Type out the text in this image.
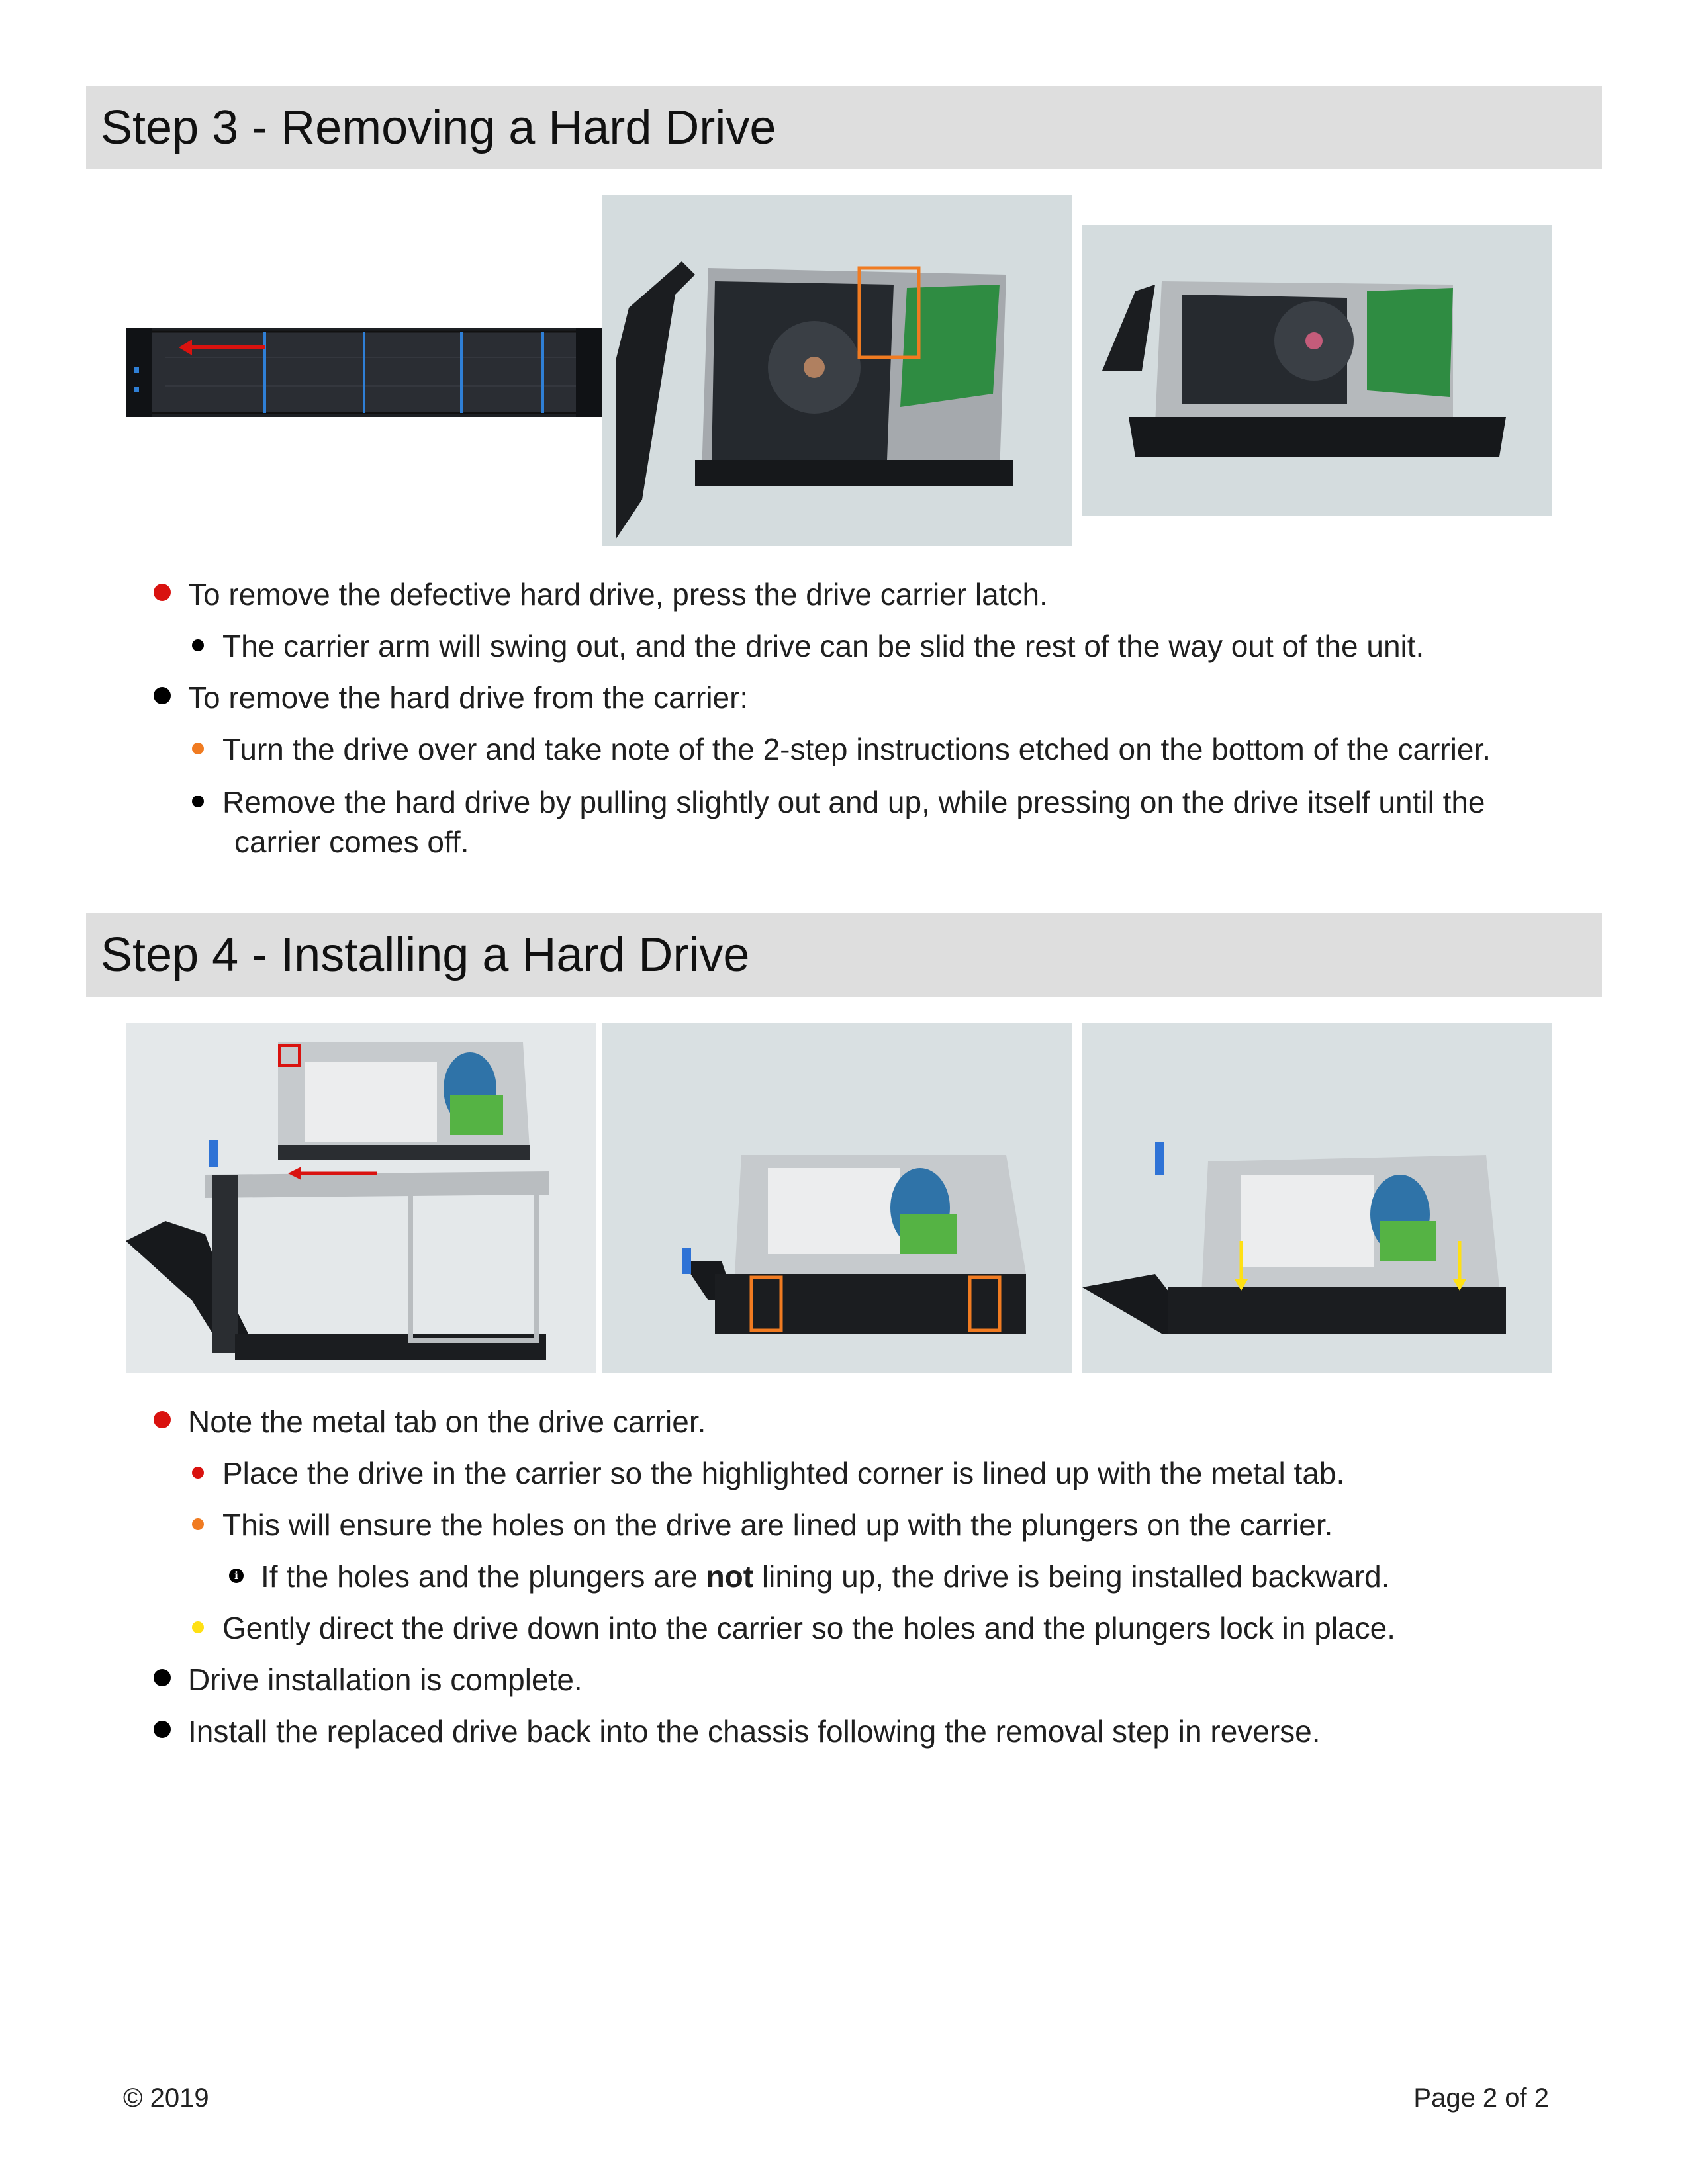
Step 3 - Removing a Hard Drive
To remove the defective hard drive, press the drive carrier latch.
The carrier arm will swing out, and the drive can be slid the rest of the way out of the unit.
To remove the hard drive from the carrier:
Turn the drive over and take note of the 2-step instructions etched on the bottom of the carrier.
Remove the hard drive by pulling slightly out and up, while pressing on the drive itself until the
carrier comes off.
Step 4 - Installing a Hard Drive
Note the metal tab on the drive carrier.
Place the drive in the carrier so the highlighted corner is lined up with the metal tab.
This will ensure the holes on the drive are lined up with the plungers on the carrier.
i If the holes and the plungers are not lining up, the drive is being installed backward.
Gently direct the drive down into the carrier so the holes and the plungers lock in place.
Drive installation is complete.
Install the replaced drive back into the chassis following the removal step in reverse.
© 2019	Page 2 of 2
